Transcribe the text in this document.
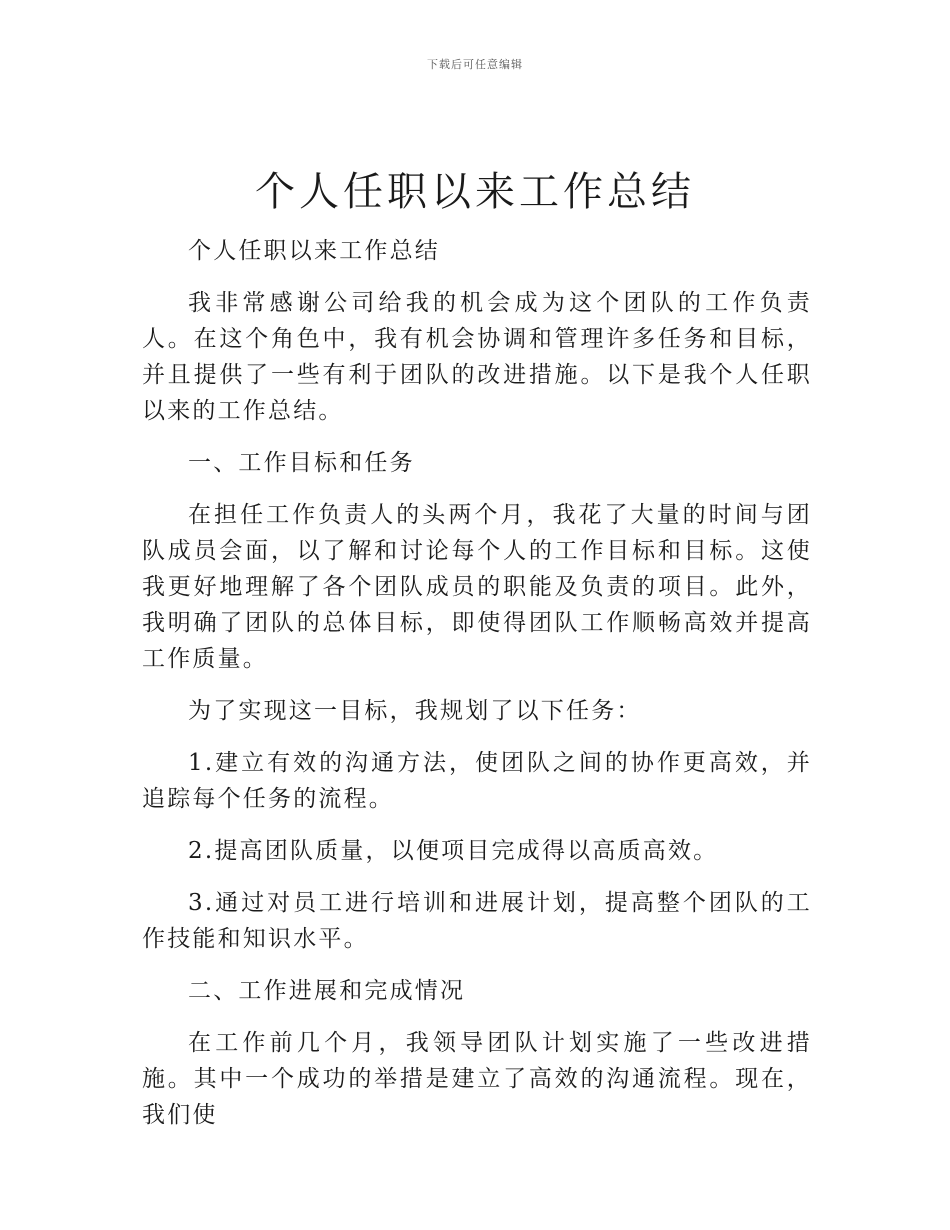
下载后可任意编辑
个人任职以来工作总结

个人任职以来工作总结

我非常感谢公司给我的机会成为这个团队的工作负责人。在这个角色中，我有机会协调和管理许多任务和目标，并且提供了一些有利于团队的改进措施。以下是我个人任职以来的工作总结。

一、工作目标和任务

在担任工作负责人的头两个月，我花了大量的时间与团队成员会面，以了解和讨论每个人的工作目标和目标。这使我更好地理解了各个团队成员的职能及负责的项目。此外，我明确了团队的总体目标，即使得团队工作顺畅高效并提高工作质量。

为了实现这一目标，我规划了以下任务：

1.建立有效的沟通方法，使团队之间的协作更高效，并追踪每个任务的流程。

2.提高团队质量，以便项目完成得以高质高效。

3.通过对员工进行培训和进展计划，提高整个团队的工作技能和知识水平。

二、工作进展和完成情况

在工作前几个月，我领导团队计划实施了一些改进措施。其中一个成功的举措是建立了高效的沟通流程。现在，我们使
